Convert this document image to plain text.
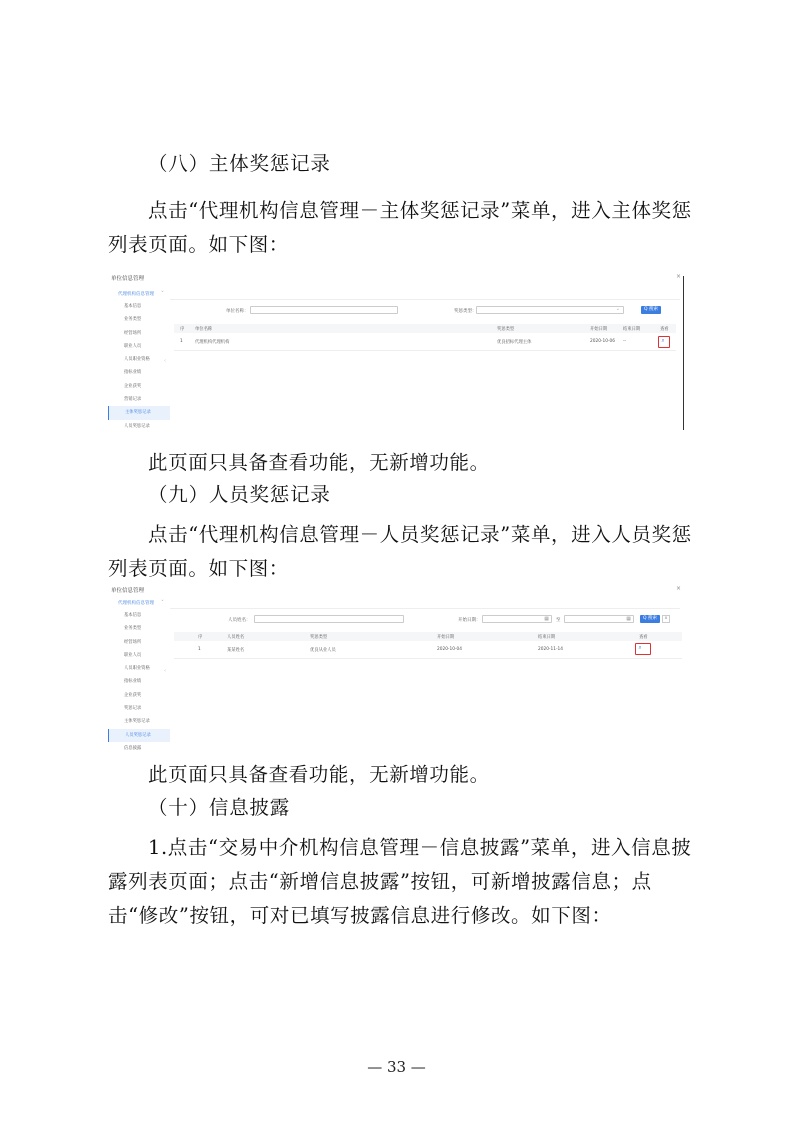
（八）主体奖惩记录
点击“代理机构信息管理－主体奖惩记录”菜单，进入主体奖惩列表页面。如下图：
单位信息管理	×
代理机构信息管理 ˇ
基本信息
业务类型
经营场所
职业人员
人员职业资格
指标业绩
企业获奖
营销记录
主体奖惩记录
人员奖惩记录
‹
单位名称：	奖惩类型：	⌄	Q 搜索
序 单位名称	奖惩类型	开始日期	结束日期	查看
1	代理机构代理机构	优良招标代理主体	2020-10-06 --	⌕
此页面只具备查看功能，无新增功能。
（九）人员奖惩记录
点击“代理机构信息管理－人员奖惩记录”菜单，进入人员奖惩列表页面。如下图：
单位信息管理	×
代理机构信息管理 ˇ
基本信息
业务类型
经营场所
职业人员
人员职业资格
指标业绩
企业获奖
奖惩记录
主体奖惩记录
人员奖惩记录
信息披露
‹
人员姓名：	开始日期：	▦ 至	▦	Q 搜索	x
序	人员姓名	奖惩类型	开始日期	结束日期	查看
1	某某姓名	优良从业人员	2020-10-04	2020-11-14	⌕
此页面只具备查看功能，无新增功能。
（十）信息披露
1.点击“交易中介机构信息管理－信息披露”菜单，进入信息披露列表页面；点击“新增信息披露”按钮，可新增披露信息；点击“修改”按钮，可对已填写披露信息进行修改。如下图：
— 33 —
